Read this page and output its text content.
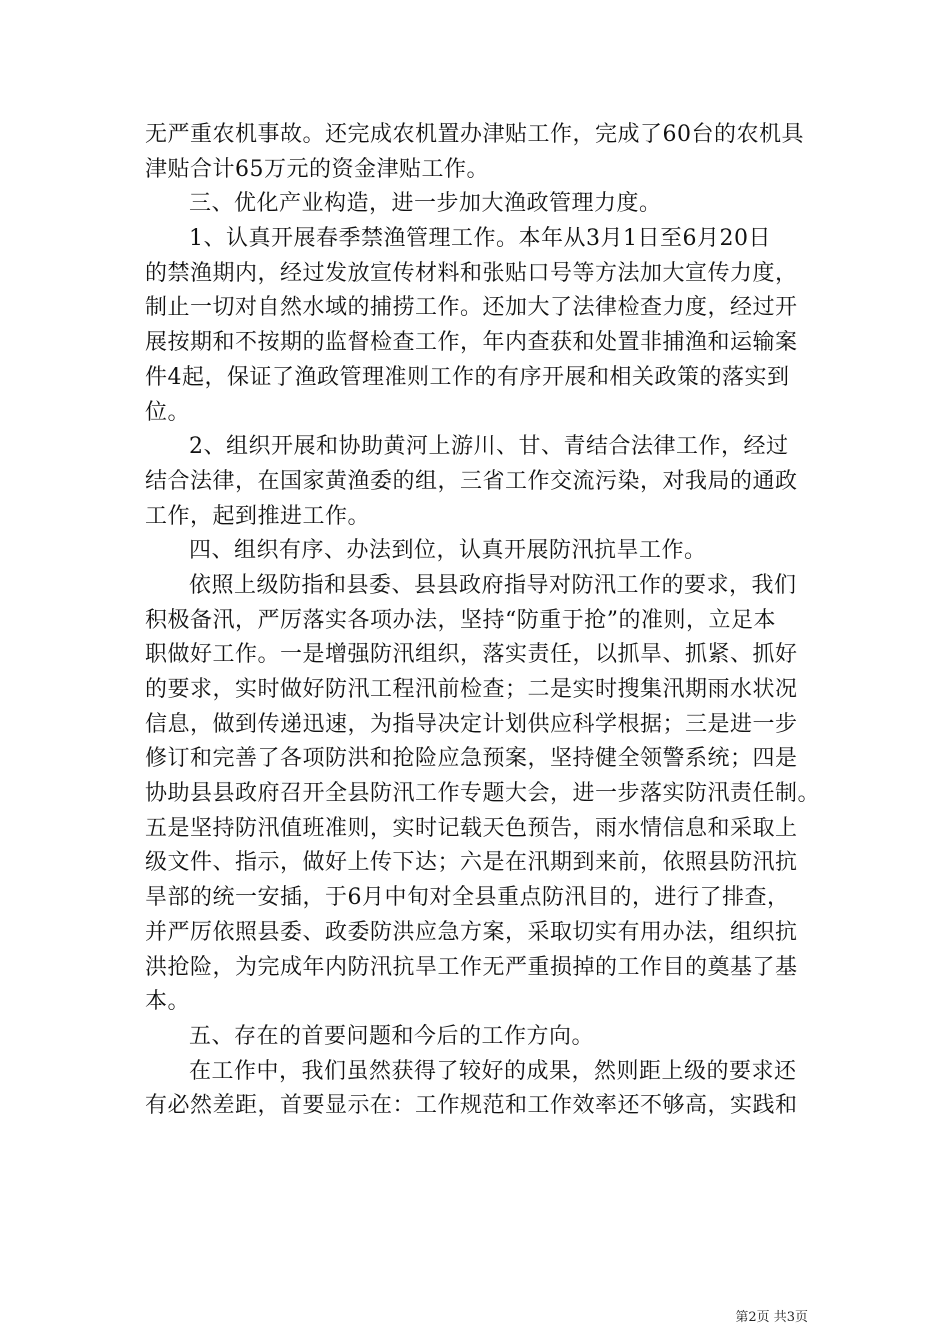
无严重农机事故。还完成农机置办津贴工作，完成了60台的农机具
津贴合计65万元的资金津贴工作。
三、优化产业构造，进一步加大渔政管理力度。
1、认真开展春季禁渔管理工作。本年从3月1日至6月20日
的禁渔期内，经过发放宣传材料和张贴口号等方法加大宣传力度，
制止一切对自然水域的捕捞工作。还加大了法律检查力度，经过开
展按期和不按期的监督检查工作，年内查获和处置非捕渔和运输案
件4起，保证了渔政管理准则工作的有序开展和相关政策的落实到
位。
2、组织开展和协助黄河上游川、甘、青结合法律工作，经过
结合法律，在国家黄渔委的组，三省工作交流污染，对我局的通政
工作，起到推进工作。
四、组织有序、办法到位，认真开展防汛抗旱工作。
依照上级防指和县委、县县政府指导对防汛工作的要求，我们
积极备汛，严厉落实各项办法，坚持“防重于抢”的准则，立足本
职做好工作。一是增强防汛组织，落实责任，以抓旱、抓紧、抓好
的要求，实时做好防汛工程汛前检查；二是实时搜集汛期雨水状况
信息，做到传递迅速，为指导决定计划供应科学根据；三是进一步
修订和完善了各项防洪和抢险应急预案，坚持健全领警系统；四是
协助县县政府召开全县防汛工作专题大会，进一步落实防汛责任制。
五是坚持防汛值班准则，实时记载天色预告，雨水情信息和采取上
级文件、指示，做好上传下达；六是在汛期到来前，依照县防汛抗
旱部的统一安插，于6月中旬对全县重点防汛目的，进行了排查，
并严厉依照县委、政委防洪应急方案，采取切实有用办法，组织抗
洪抢险，为完成年内防汛抗旱工作无严重损掉的工作目的奠基了基
本。
五、存在的首要问题和今后的工作方向。
在工作中，我们虽然获得了较好的成果，然则距上级的要求还
有必然差距，首要显示在：工作规范和工作效率还不够高，实践和
第2页 共3页
